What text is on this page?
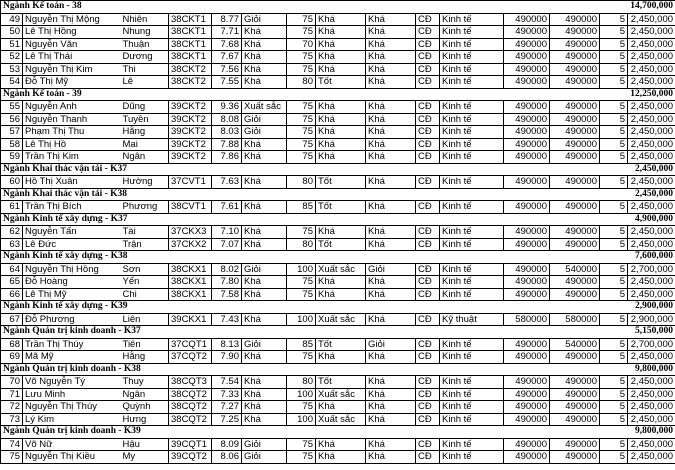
Ngành Kế toán - 38														14,700,000
49	Nguyễn Thị Mộng	Nhiên	38CKT1	8.77	Giỏi	75	Khá	Khá	CĐ	Kinh tế	490000	490000	5	2,450,000
50	Lê Thị Hồng	Nhung	38CKT1	7.71	Khá	75	Khá	Khá	CĐ	Kinh tế	490000	490000	5	2,450,000
51	Nguyễn Văn	Thuận	38CKT1	7.68	Khá	70	Khá	Khá	CĐ	Kinh tế	490000	490000	5	2,450,000
52	Lê Thị Thái	Dương	38CKT1	7.67	Khá	75	Khá	Khá	CĐ	Kinh tế	490000	490000	5	2,450,000
53	Nguyễn Thị Kim	Thi	38CKT2	7.56	Khá	75	Khá	Khá	CĐ	Kinh tế	490000	490000	5	2,450,000
54	Đỗ Thị Mỹ	Lê	38CKT2	7.55	Khá	80	Tốt	Khá	CĐ	Kinh tế	490000	490000	5	2,450,000
Ngành Kế toán - 39														12,250,000
55	Nguyễn Anh	Dũng	39CKT2	9.36	Xuất sắc	75	Khá	Khá	CĐ	Kinh tế	490000	490000	5	2,450,000
56	Nguyễn Thanh	Tuyền	39CKT2	8.08	Giỏi	75	Khá	Khá	CĐ	Kinh tế	490000	490000	5	2,450,000
57	Phạm Thị Thu	Hằng	39CKT2	8.03	Giỏi	75	Khá	Khá	CĐ	Kinh tế	490000	490000	5	2,450,000
58	Lê Thị Hồ	Mai	39CKT2	7.88	Khá	75	Khá	Khá	CĐ	Kinh tế	490000	490000	5	2,450,000
59	Trần Thị Kim	Ngân	39CKT2	7.86	Khá	75	Khá	Khá	CĐ	Kinh tế	490000	490000	5	2,450,000
Ngành Khai thác vận tải - K37														2,450,000
60	Hồ Thị Xuân	Hường	37CVT1	7.63	Khá	80	Tốt	Khá	CĐ	Kinh tế	490000	490000	5	2,450,000
Ngành Khai thác vận tải - K38														2,450,000
61	Trần Thị Bích	Phương	38CVT1	7.61	Khá	85	Tốt	Khá	CĐ	Kinh tế	490000	490000	5	2,450,000
Ngành Kinh tế xây dựng - K37														4,900,000
62	Nguyễn Tấn	Tài	37CKX3	7.10	Khá	75	Khá	Khá	CĐ	Kinh tế	490000	490000	5	2,450,000
63	Lê Đức	Trận	37CKX2	7.07	Khá	80	Tốt	Khá	CĐ	Kinh tế	490000	490000	5	2,450,000
Ngành Kinh tế xây dựng - K38														7,600,000
64	Nguyễn Thị Hồng	Sơn	38CKX1	8.02	Giỏi	100	Xuất sắc	Giỏi	CĐ	Kinh tế	490000	540000	5	2,700,000
65	Đỗ Hoàng	Yến	38CKX1	7.80	Khá	75	Khá	Khá	CĐ	Kinh tế	490000	490000	5	2,450,000
66	Lê Thị Mỹ	Chi	38CKX1	7.58	Khá	75	Khá	Khá	CĐ	Kinh tế	490000	490000	5	2,450,000
Ngành Kinh tế xây dựng - K39														2,900,000
67	Đỗ Phương	Liên	39CKX1	7.43	Khá	100	Xuất sắc	Khá	CĐ	Kỹ thuật	580000	580000	5	2,900,000
Ngành Quản trị kinh doanh - K37														5,150,000
68	Trần Thị Thúy	Tiên	37CQT1	8.13	Giỏi	85	Tốt	Giỏi	CĐ	Kinh tế	490000	540000	5	2,700,000
69	Mã Mỹ	Hằng	37CQT2	7.90	Khá	75	Khá	Khá	CĐ	Kinh tế	490000	490000	5	2,450,000
Ngành Quản trị kinh doanh - K38														9,800,000
70	Võ Nguyễn Tý	Thuy	38CQT3	7.54	Khá	80	Tốt	Khá	CĐ	Kinh tế	490000	490000	5	2,450,000
71	Lưu Minh	Ngân	38CQT2	7.33	Khá	100	Xuất sắc	Khá	CĐ	Kinh tế	490000	490000	5	2,450,000
72	Nguyễn Thị Thúy	Quỳnh	38CQT2	7.27	Khá	75	Khá	Khá	CĐ	Kinh tế	490000	490000	5	2,450,000
73	Lý Kim	Hưng	38CQT2	7.25	Khá	100	Xuất sắc	Khá	CĐ	Kinh tế	490000	490000	5	2,450,000
Ngành Quản trị kinh doanh - K39														9,800,000
74	Võ Nữ	Hậu	39CQT1	8.09	Giỏi	75	Khá	Khá	CĐ	Kinh tế	490000	490000	5	2,450,000
75	Nguyễn Thị Kiều	My	39CQT2	8.06	Giỏi	75	Khá	Khá	CĐ	Kinh tế	490000	490000	5	2,450,000
